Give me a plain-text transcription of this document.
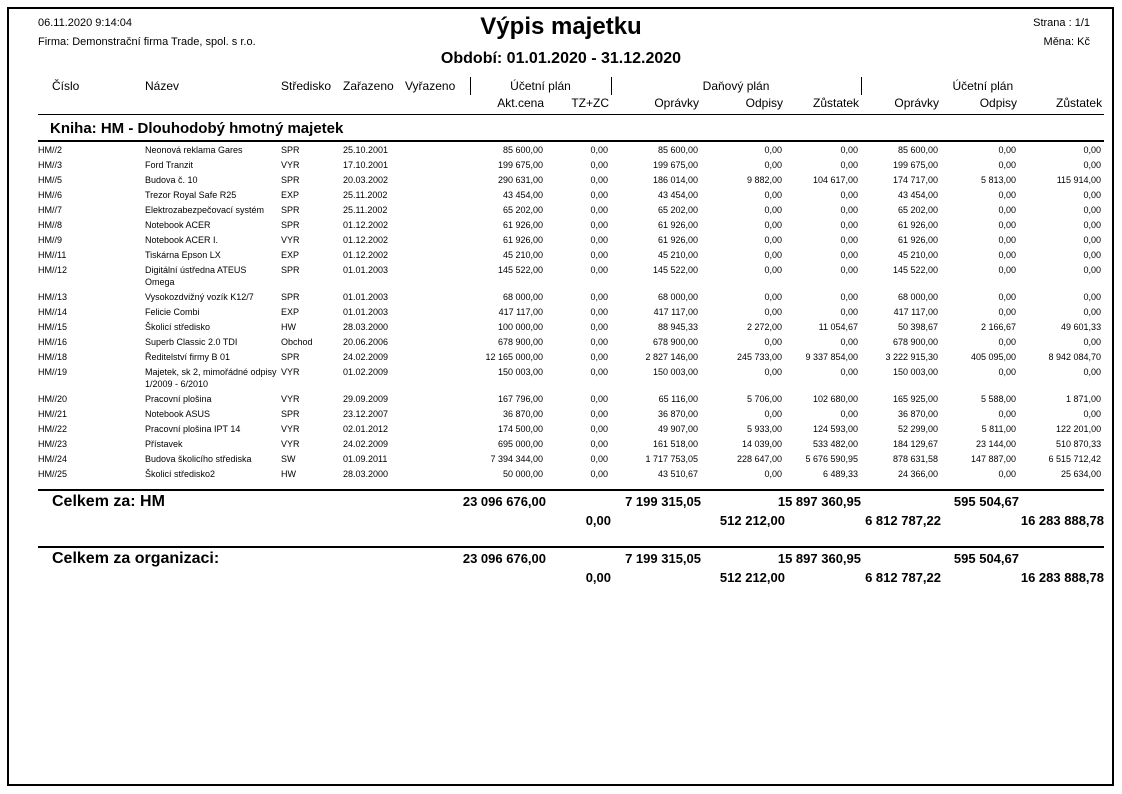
06.11.2020 9:14:04
Firma: Demonstrační firma Trade, spol. s r.o.
Výpis majetku
Období: 01.01.2020 - 31.12.2020
Strana : 1/1
Měna: Kč
Číslo	Název	Středisko	Zařazeno	Vyřazeno	Účetní plán		Daňový plán			Účetní plán		
					Akt.cena	TZ+ZC	Oprávky	Odpisy	Zůstatek	Oprávky	Odpisy	Zůstatek
Kniha: HM - Dlouhodobý hmotný majetek												
HM//2	Neonová reklama Gares	SPR	25.10.2001		85 600,00	0,00	85 600,00	0,00	0,00	85 600,00	0,00	0,00
HM//3	Ford Tranzit	VYR	17.10.2001		199 675,00	0,00	199 675,00	0,00	0,00	199 675,00	0,00	0,00
HM//5	Budova č. 10	SPR	20.03.2002		290 631,00	0,00	186 014,00	9 882,00	104 617,00	174 717,00	5 813,00	115 914,00
HM//6	Trezor Royal Safe R25	EXP	25.11.2002		43 454,00	0,00	43 454,00	0,00	0,00	43 454,00	0,00	0,00
HM//7	Elektrozabezpečovací systém	SPR	25.11.2002		65 202,00	0,00	65 202,00	0,00	0,00	65 202,00	0,00	0,00
HM//8	Notebook ACER	SPR	01.12.2002		61 926,00	0,00	61 926,00	0,00	0,00	61 926,00	0,00	0,00
HM//9	Notebook ACER I.	VYR	01.12.2002		61 926,00	0,00	61 926,00	0,00	0,00	61 926,00	0,00	0,00
HM//11	Tiskárna Epson LX	EXP	01.12.2002		45 210,00	0,00	45 210,00	0,00	0,00	45 210,00	0,00	0,00
HM//12	Digitální ústředna ATEUS Omega	SPR	01.01.2003		145 522,00	0,00	145 522,00	0,00	0,00	145 522,00	0,00	0,00
HM//13	Vysokozdvižný vozík K12/7	SPR	01.01.2003		68 000,00	0,00	68 000,00	0,00	0,00	68 000,00	0,00	0,00
HM//14	Felicie Combi	EXP	01.01.2003		417 117,00	0,00	417 117,00	0,00	0,00	417 117,00	0,00	0,00
HM//15	Školicí středisko	HW	28.03.2000		100 000,00	0,00	88 945,33	2 272,00	11 054,67	50 398,67	2 166,67	49 601,33
HM//16	Superb Classic 2.0 TDI	Obchod	20.06.2006		678 900,00	0,00	678 900,00	0,00	0,00	678 900,00	0,00	0,00
HM//18	Ředitelství firmy B 01	SPR	24.02.2009		12 165 000,00	0,00	2 827 146,00	245 733,00	9 337 854,00	3 222 915,30	405 095,00	8 942 084,70
HM//19	Majetek, sk 2, mimořádné odpisy 1/2009 - 6/2010	VYR	01.02.2009		150 003,00	0,00	150 003,00	0,00	0,00	150 003,00	0,00	0,00
HM//20	Pracovní plošina	VYR	29.09.2009		167 796,00	0,00	65 116,00	5 706,00	102 680,00	165 925,00	5 588,00	1 871,00
HM//21	Notebook ASUS	SPR	23.12.2007		36 870,00	0,00	36 870,00	0,00	0,00	36 870,00	0,00	0,00
HM//22	Pracovní plošina IPT 14	VYR	02.01.2012		174 500,00	0,00	49 907,00	5 933,00	124 593,00	52 299,00	5 811,00	122 201,00
HM//23	Přístavek	VYR	24.02.2009		695 000,00	0,00	161 518,00	14 039,00	533 482,00	184 129,67	23 144,00	510 870,33
HM//24	Budova školicího střediska	SW	01.09.2011		7 394 344,00	0,00	1 717 753,05	228 647,00	5 676 590,95	878 631,58	147 887,00	6 515 712,42
HM//25	Školicí středisko2	HW	28.03.2000		50 000,00	0,00	43 510,67	0,00	6 489,33	24 366,00	0,00	25 634,00
Celkem za: HM	23 096 676,00	7 199 315,05	15 897 360,95	595 504,67
0,00	512 212,00	6 812 787,22	16 283 888,78
Celkem za organizaci:	23 096 676,00	7 199 315,05	15 897 360,95	595 504,67
0,00	512 212,00	6 812 787,22	16 283 888,78
